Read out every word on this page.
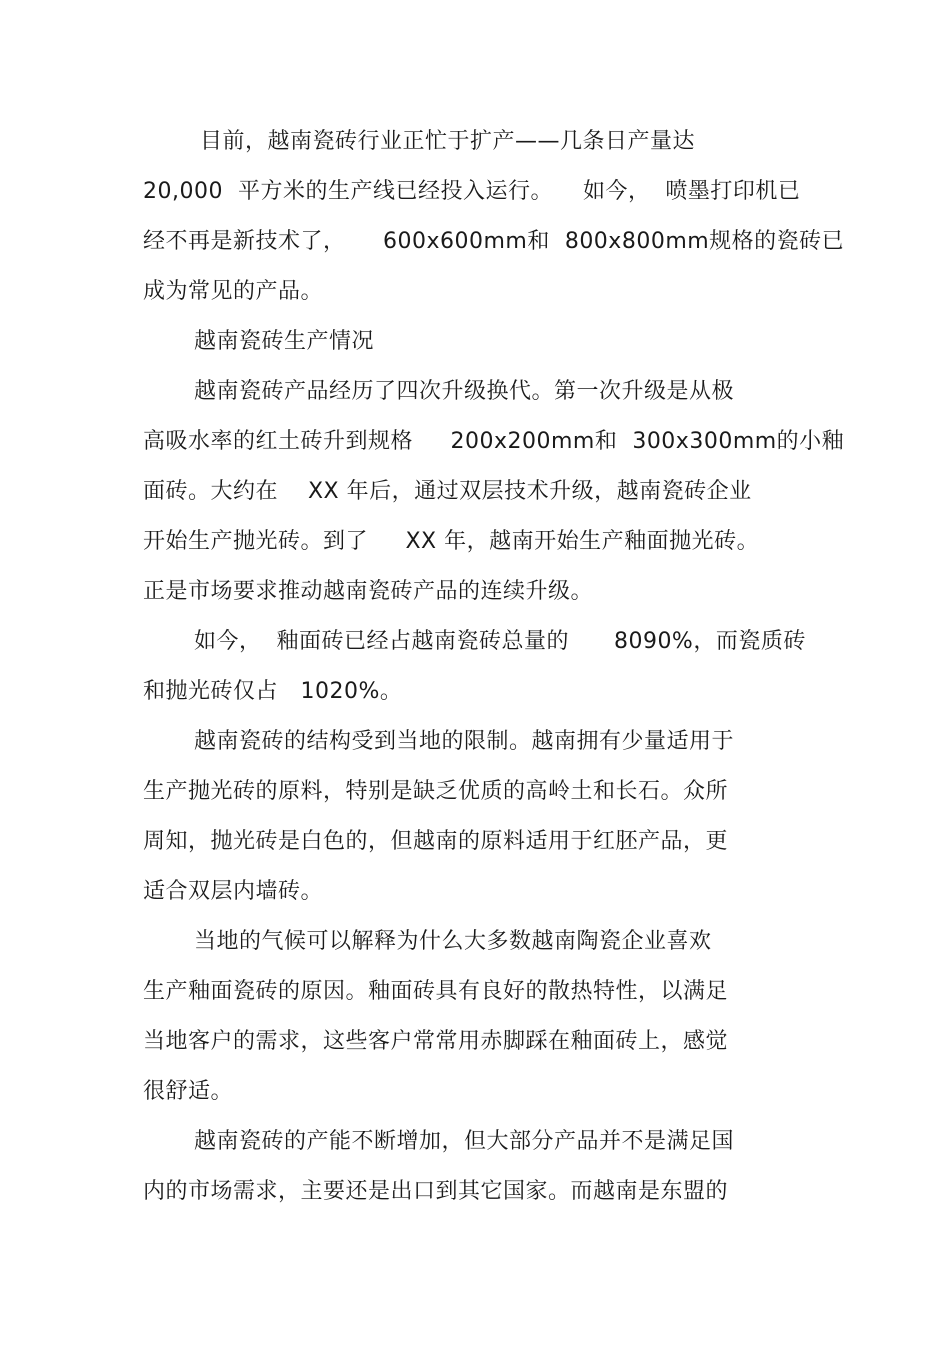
目前，越南瓷砖行业正忙于扩产——几条日产量达
20,000  平方米的生产线已经投入运行。    如今，  喷墨打印机已
经不再是新技术了，     600x600mm和  800x800mm规格的瓷砖已
成为常见的产品。
越南瓷砖生产情况
越南瓷砖产品经历了四次升级换代。第一次升级是从极
高吸水率的红土砖升到规格     200x200mm和  300x300mm的小釉
面砖。大约在    XX 年后，通过双层技术升级，越南瓷砖企业
开始生产抛光砖。到了     XX 年，越南开始生产釉面抛光砖。
正是市场要求推动越南瓷砖产品的连续升级。
如今，  釉面砖已经占越南瓷砖总量的      8090%，而瓷质砖
和抛光砖仅占   1020%。
越南瓷砖的结构受到当地的限制。越南拥有少量适用于
生产抛光砖的原料，特别是缺乏优质的高岭土和长石。众所
周知，抛光砖是白色的，但越南的原料适用于红胚产品，更
适合双层内墙砖。
当地的气候可以解释为什么大多数越南陶瓷企业喜欢
生产釉面瓷砖的原因。釉面砖具有良好的散热特性，以满足
当地客户的需求，这些客户常常用赤脚踩在釉面砖上，感觉
很舒适。
越南瓷砖的产能不断增加，但大部分产品并不是满足国
内的市场需求，主要还是出口到其它国家。而越南是东盟的
